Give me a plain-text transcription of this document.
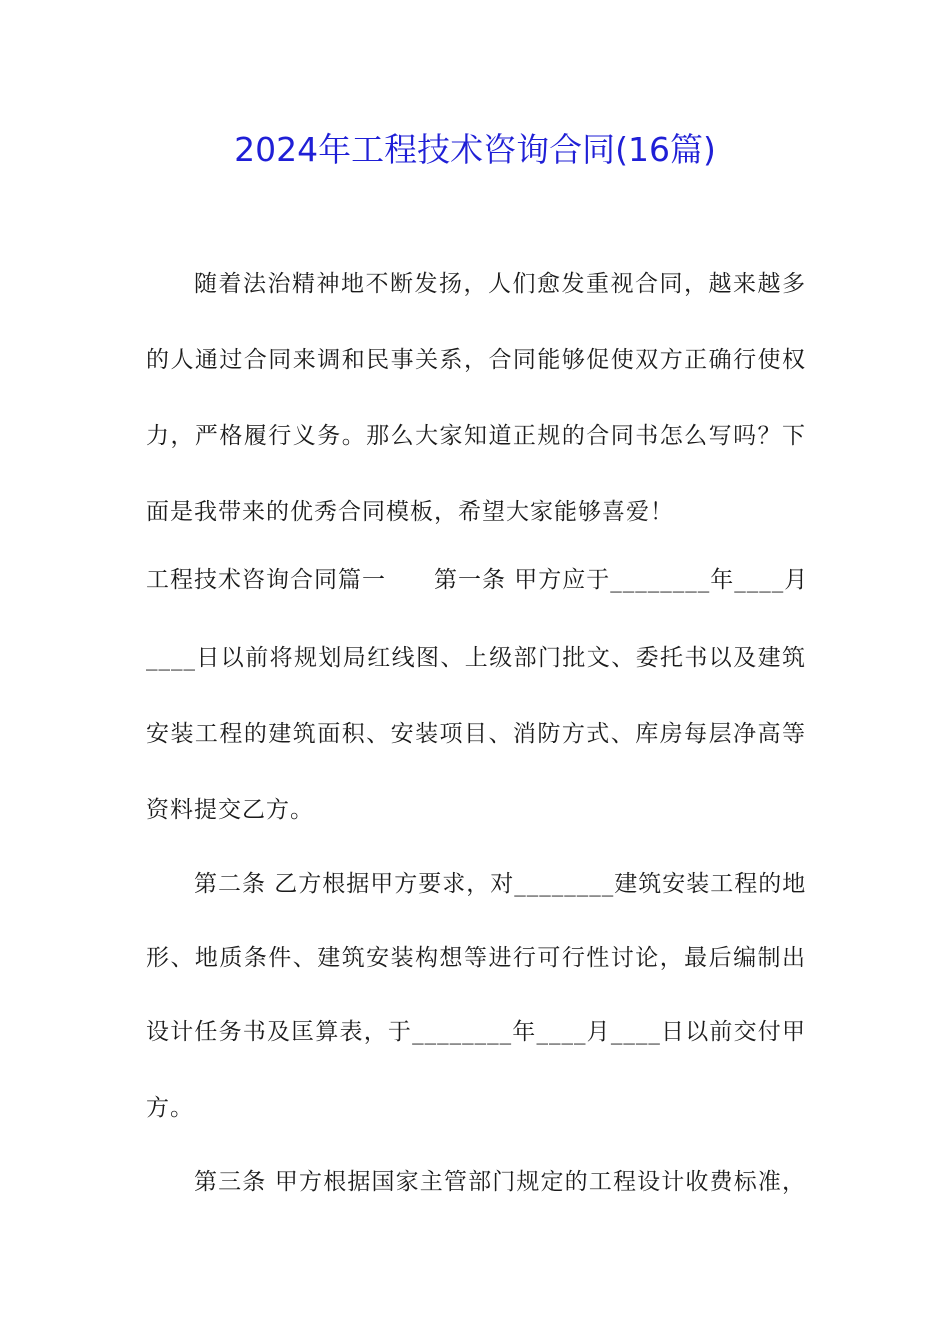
2024年工程技术咨询合同(16篇)
随着法治精神地不断发扬，人们愈发重视合同，越来越多
的人通过合同来调和民事关系，合同能够促使双方正确行使权
力，严格履行义务。那么大家知道正规的合同书怎么写吗？下
面是我带来的优秀合同模板，希望大家能够喜爱！
工程技术咨询合同篇一　　第一条 甲方应于________年____月
____日以前将规划局红线图、上级部门批文、委托书以及建筑
安装工程的建筑面积、安装项目、消防方式、库房每层净高等
资料提交乙方。
第二条 乙方根据甲方要求，对________建筑安装工程的地
形、地质条件、建筑安装构想等进行可行性讨论，最后编制出
设计任务书及匡算表，于________年____月____日以前交付甲
方。
第三条 甲方根据国家主管部门规定的工程设计收费标准，
